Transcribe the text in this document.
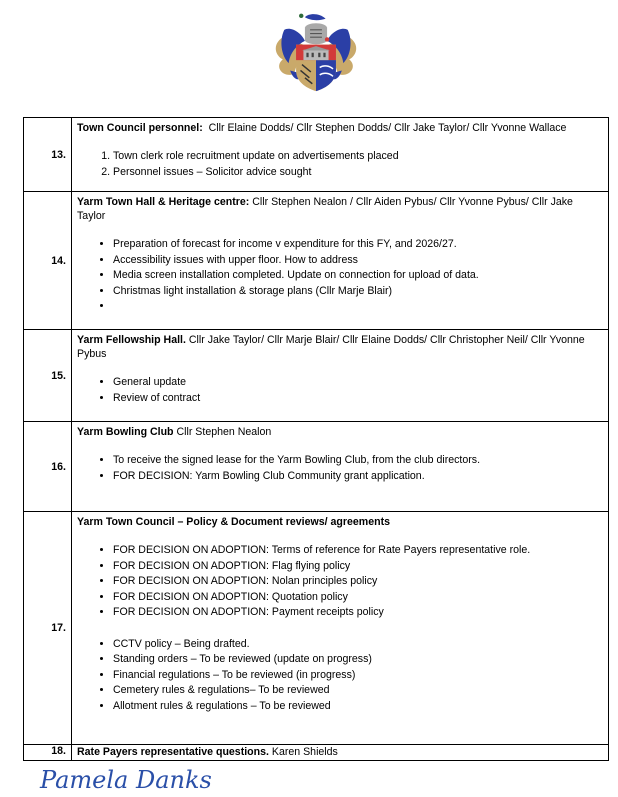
13.	
Town Council personnel:  Cllr Elaine Dodds/ Cllr Stephen Dodds/ Cllr Jake Taylor/ Cllr Yvonne Wallace
1. Town clerk role recruitment update on advertisements placed
2. Personnel issues – Solicitor advice sought

14.	
Yarm Town Hall & Heritage centre: Cllr Stephen Nealon / Cllr Aiden Pybus/ Cllr Yvonne Pybus/ Cllr Jake Taylor
• Preparation of forecast for income v expenditure for this FY, and 2026/27.
• Accessibility issues with upper floor. How to address
• Media screen installation completed. Update on connection for upload of data.
• Christmas light installation & storage plans (Cllr Marje Blair)
•

15.	
Yarm Fellowship Hall. Cllr Jake Taylor/ Cllr Marje Blair/ Cllr Elaine Dodds/ Cllr Christopher Neil/ Cllr Yvonne Pybus
• General update
• Review of contract

16.	
Yarm Bowling Club Cllr Stephen Nealon
• To receive the signed lease for the Yarm Bowling Club, from the club directors.
• FOR DECISION: Yarm Bowling Club Community grant application.

17.	
Yarm Town Council – Policy & Document reviews/ agreements
• FOR DECISION ON ADOPTION: Terms of reference for Rate Payers representative role.
• FOR DECISION ON ADOPTION: Flag flying policy
• FOR DECISION ON ADOPTION: Nolan principles policy
• FOR DECISION ON ADOPTION: Quotation policy
• FOR DECISION ON ADOPTION: Payment receipts policy
• CCTV policy – Being drafted.
• Standing orders – To be reviewed (update on progress)
• Financial regulations – To be reviewed (in progress)
• Cemetery rules & regulations– To be reviewed
• Allotment rules & regulations – To be reviewed

18.	Rate Payers representative questions. Karen Shields
Pamela Danks
